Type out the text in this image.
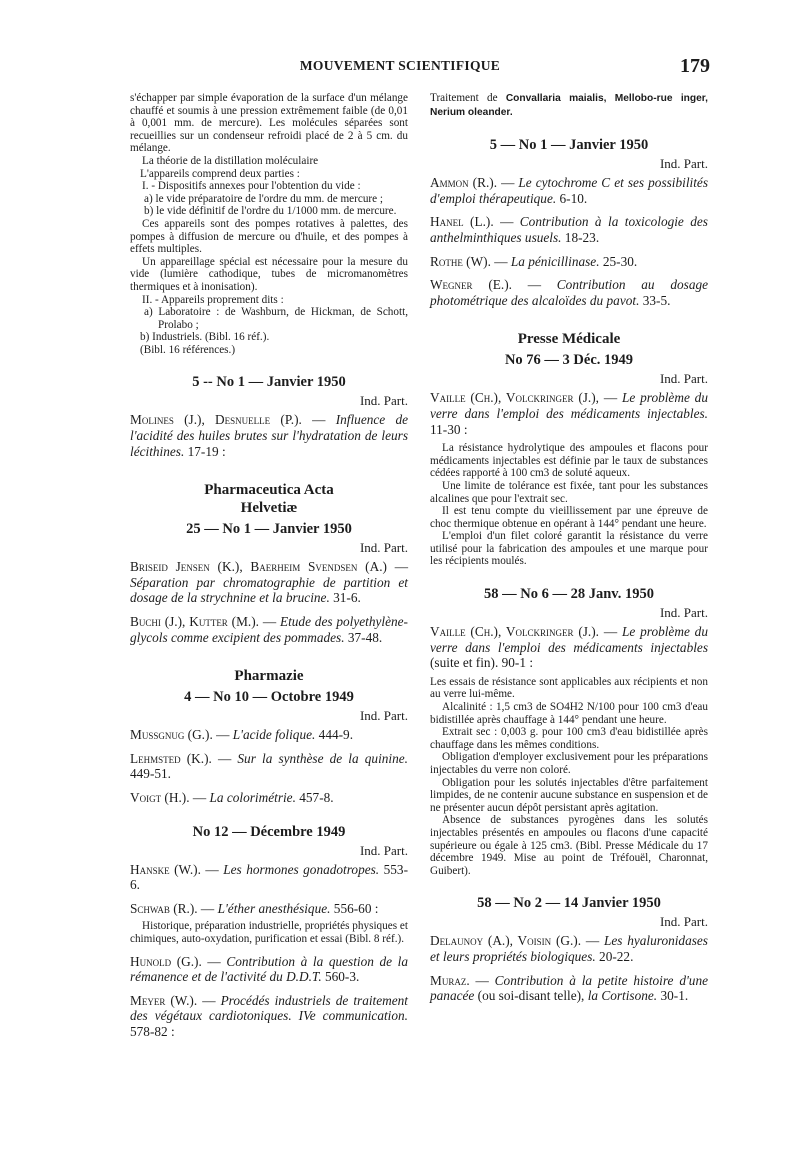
MOUVEMENT SCIENTIFIQUE	179

s'échapper par simple évaporation de la surface d'un mélange chauffé et soumis à une pression extrêmement faible (de 0,01 à 0,001 mm. de mercure). Les molécules séparées sont recueillies sur un condenseur refroidi placé de 2 à 5 cm. du mélange.

La théorie de la distillation moléculaire

L'appareils comprend deux parties :

I. - Dispositifs annexes pour l'obtention du vide :

a) le vide préparatoire de l'ordre du mm. de mercure ;

b) le vide définitif de l'ordre du 1/1000 mm. de mercure.

Ces appareils sont des pompes rotatives à palettes, des pompes à diffusion de mercure ou d'huile, et des pompes à effets multiples.

Un appareillage spécial est nécessaire pour la mesure du vide (lumière cathodique, tubes de micromanomètres thermiques et à inonisation).

II. - Appareils proprement dits :

a) Laboratoire : de Washburn, de Hickman, de Schott, Prolabo ;

b) Industriels. (Bibl. 16 réf.).

(Bibl. 16 références.)

5 -- No 1 — Janvier 1950
Ind. Part.

Molines (J.), Desnuelle (P.). — Influence de l'acidité des huiles brutes sur l'hydratation de leurs lécithines. 17-19 :

Pharmaceutica Acta
Helvetiæ
25 — No 1 — Janvier 1950
Ind. Part.

Briseid Jensen (K.), Baerheim Svendsen (A.) — Séparation par chromatographie de partition et dosage de la strychnine et la brucine. 31-6.

Buchi (J.), Kutter (M.). — Etude des polyethylène-glycols comme excipient des pommades. 37-48.

Pharmazie
4 — No 10 — Octobre 1949
Ind. Part.

Mussgnug (G.). — L'acide folique. 444-9.

Lehmsted (K.). — Sur la synthèse de la quinine. 449-51.

Voigt (H.). — La colorimétrie. 457-8.

No 12 — Décembre 1949
Ind. Part.

Hanske (W.). — Les hormones gonadotropes. 553-6.

Schwab (R.). — L'éther anesthésique. 556-60 :

Historique, préparation industrielle, propriétés physiques et chimiques, auto-oxydation, purification et essai (Bibl. 8 réf.).

Hunold (G.). — Contribution à la question de la rémanence et de l'activité du D.D.T. 560-3.

Meyer (W.). — Procédés industriels de traitement des végétaux cardiotoniques. IVe communication. 578-82 :

Traitement de Convallaria maialis, Mellobo-rue inger, Nerium oleander.

5 — No 1 — Janvier 1950
Ind. Part.

Ammon (R.). — Le cytochrome C et ses possibilités d'emploi thérapeutique. 6-10.

Hanel (L.). — Contribution à la toxicologie des anthelminthiques usuels. 18-23.

Rothe (W). — La pénicillinase. 25-30.

Wegner (E.). — Contribution au dosage photométrique des alcaloïdes du pavot. 33-5.

Presse Médicale
No 76 — 3 Déc. 1949
Ind. Part.

Vaille (Ch.), Volckringer (J.), — Le problème du verre dans l'emploi des médicaments injectables. 11-30 :

La résistance hydrolytique des ampoules et flacons pour médicaments injectables est définie par le taux de substances cédées rapporté à 100 cm3 de soluté aqueux.

Une limite de tolérance est fixée, tant pour les substances alcalines que pour l'extrait sec.

Il est tenu compte du vieillissement par une épreuve de choc thermique obtenue en opérant à 144° pendant une heure.

L'emploi d'un filet coloré garantit la résistance du verre utilisé pour la fabrication des ampoules et une marque pour les récipients moulés.

58 — No 6 — 28 Janv. 1950
Ind. Part.

Vaille (Ch.), Volckringer (J.). — Le problème du verre dans l'emploi des médicaments injectables (suite et fin). 90-1 :

Les essais de résistance sont applicables aux récipients et non au verre lui-même.

Alcalinité : 1,5 cm3 de SO4H2 N/100 pour 100 cm3 d'eau bidistillée après chauffage à 144° pendant une heure.

Extrait sec : 0,003 g. pour 100 cm3 d'eau bidistillée après chauffage dans les mêmes conditions.

Obligation d'employer exclusivement pour les préparations injectables du verre non coloré.

Obligation pour les solutés injectables d'être parfaitement limpides, de ne contenir aucune substance en suspension et de ne présenter aucun dépôt persistant après agitation.

Absence de substances pyrogènes dans les solutés injectables présentés en ampoules ou flacons d'une capacité supérieure ou égale à 125 cm3. (Bibl. Presse Médicale du 17 décembre 1949. Mise au point de Tréfouël, Charonnat, Guibert).

58 — No 2 — 14 Janvier 1950
Ind. Part.

Delaunoy (A.), Voisin (G.). — Les hyaluronidases et leurs propriétés biologiques. 20-22.

Muraz. — Contribution à la petite histoire d'une panacée (ou soi-disant telle), la Cortisone. 30-1.
